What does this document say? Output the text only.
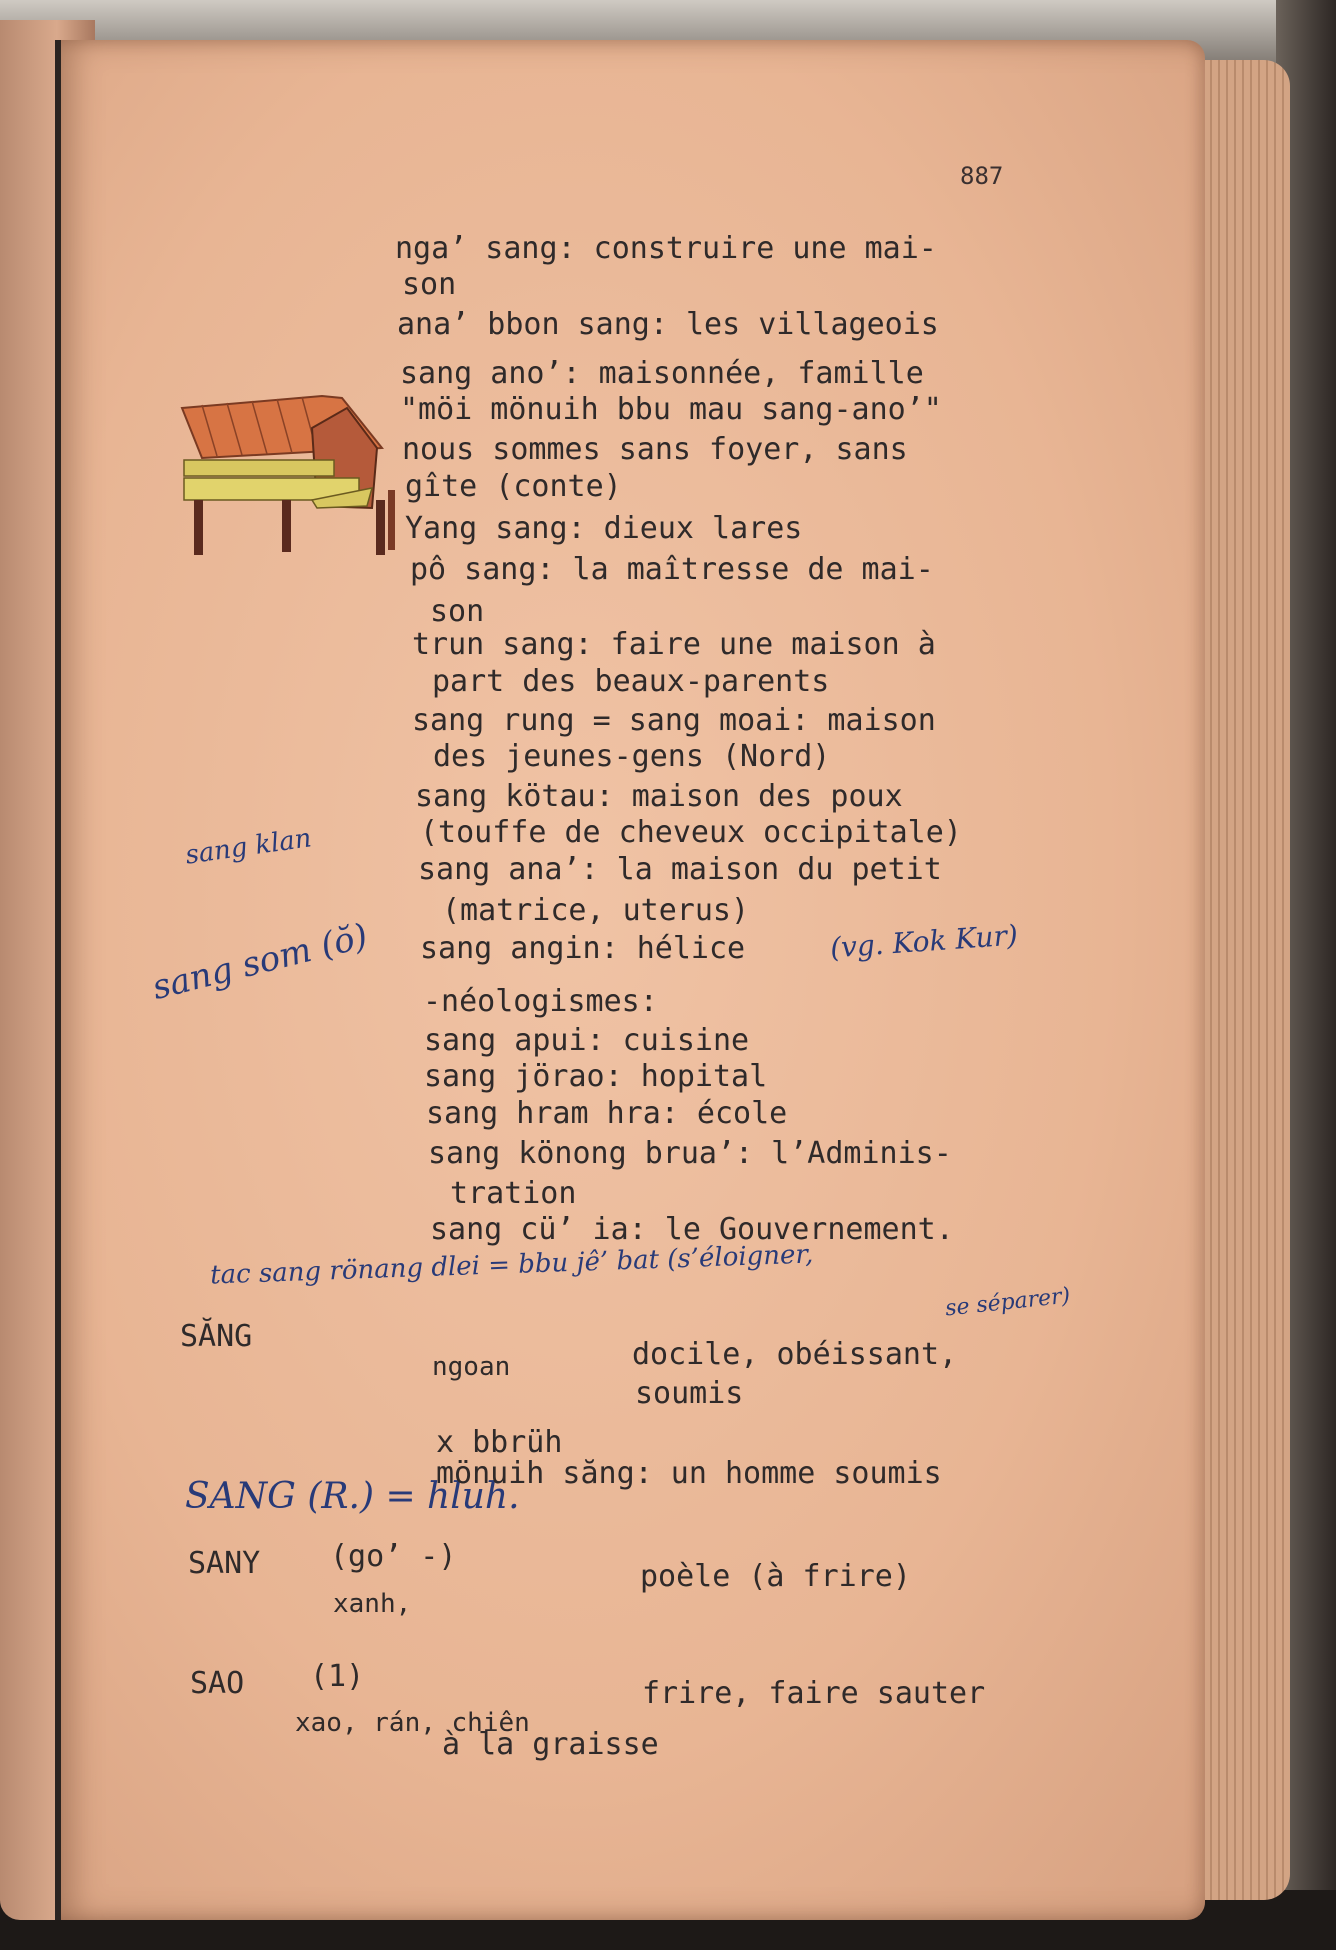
887
nga’ sang: construire une mai-
son
ana’ bbon sang: les villageois
sang ano’: maisonnée, famille
"möi mönuih bbu mau sang-ano’"
nous sommes sans foyer, sans
gîte (conte)
Yang sang: dieux lares
pô sang: la maîtresse de mai-
son
trun sang: faire une maison à
part des beaux-parents
sang rung = sang moai: maison
des jeunes-gens (Nord)
sang kötau: maison des poux
(touffe de cheveux occipitale)
sang ana’: la maison du petit
(matrice, uterus)
sang angin: hélice
-néologismes:
sang apui: cuisine
sang jörao: hopital
sang hram hra: école
sang könong brua’: l’Adminis-
tration
sang cü’ ia: le Gouvernement.
sang klan
sang som (ŏ)	(vg. Kok Kur)
tac sang rönang dlei = bbu jê’ bat (s’éloigner,
se séparer)
SANG (R.) = hluh.
SĂNG
ngoan	docile, obéissant,
soumis
x bbrüh
mönuih săng: un homme soumis
SANY (go’ -)
xanh,
poèle (à frire)
SAO (1)
xao, rán, chiên
frire, faire sauter
à la graisse
